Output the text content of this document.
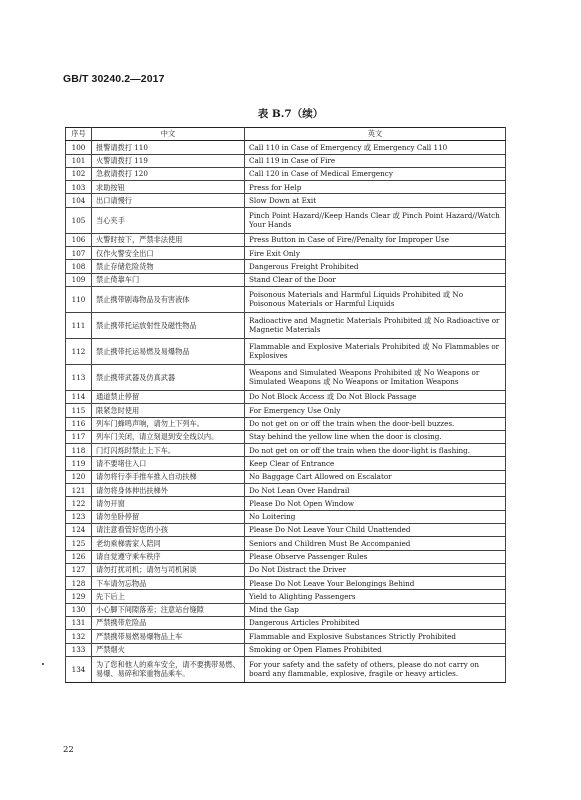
GB/T 30240.2—2017
表 B.7（续）
序号	中文	英文
100	报警请拨打 110	Call 110 in Case of Emergency 或 Emergency Call 110
101	火警请拨打 119	Call 119 in Case of Fire
102	急救请拨打 120	Call 120 in Case of Medical Emergency
103	求助按钮	Press for Help
104	出口请慢行	Slow Down at Exit
105	当心夹手	Pinch Point Hazard//Keep Hands Clear 或 Pinch Point Hazard//Watch Your Hands
106	火警时按下，严禁非法使用	Press Button in Case of Fire//Penalty for Improper Use
107	仅作火警安全出口	Fire Exit Only
108	禁止存储危险货物	Dangerous Freight Prohibited
109	禁止倚靠车门	Stand Clear of the Door
110	禁止携带剧毒物品及有害液体	Poisonous Materials and Harmful Liquids Prohibited 或 No Poisonous Materials or Harmful Liquids
111	禁止携带托运放射性及磁性物品	Radioactive and Magnetic Materials Prohibited 或 No Radioactive or Magnetic Materials
112	禁止携带托运易燃及易爆物品	Flammable and Explosive Materials Prohibited 或 No Flammables or Explosives
113	禁止携带武器及仿真武器	Weapons and Simulated Weapons Prohibited 或 No Weapons or Simulated Weapons 或 No Weapons or Imitation Weapons
114	通道禁止停留	Do Not Block Access 或 Do Not Block Passage
115	限紧急时使用	For Emergency Use Only
116	列车门蜂鸣声响，请勿上下列车。	Do not get on or off the train when the door-bell buzzes.
117	列车门关闭，请立刻退到安全线以内。	Stay behind the yellow line when the door is closing.
118	门灯闪烁时禁止上下车。	Do not get on or off the train when the door-light is flashing.
119	请不要堵住入口	Keep Clear of Entrance
120	请勿将行李手推车推入自动扶梯	No Baggage Cart Allowed on Escalator
121	请勿将身体伸出扶梯外	Do Not Lean Over Handrail
122	请勿开窗	Please Do Not Open Window
123	请勿坐卧停留	No Loitering
124	请注意看管好您的小孩	Please Do Not Leave Your Child Unattended
125	老幼乘梯需家人陪同	Seniors and Children Must Be Accompanied
126	请自觉遵守乘车秩序	Please Observe Passenger Rules
127	请勿打扰司机；请勿与司机闲谈	Do Not Distract the Driver
128	下车请勿忘物品	Please Do Not Leave Your Belongings Behind
129	先下后上	Yield to Alighting Passengers
130	小心脚下间隙落差；注意站台缝隙	Mind the Gap
131	严禁携带危险品	Dangerous Articles Prohibited
132	严禁携带易燃易爆物品上车	Flammable and Explosive Substances Strictly Prohibited
133	严禁烟火	Smoking or Open Flames Prohibited
134	为了您和他人的乘车安全，请不要携带易燃、易爆、易碎和笨重物品乘车。	For your safety and the safety of others, please do not carry on board any flammable, explosive, fragile or heavy articles.
22
